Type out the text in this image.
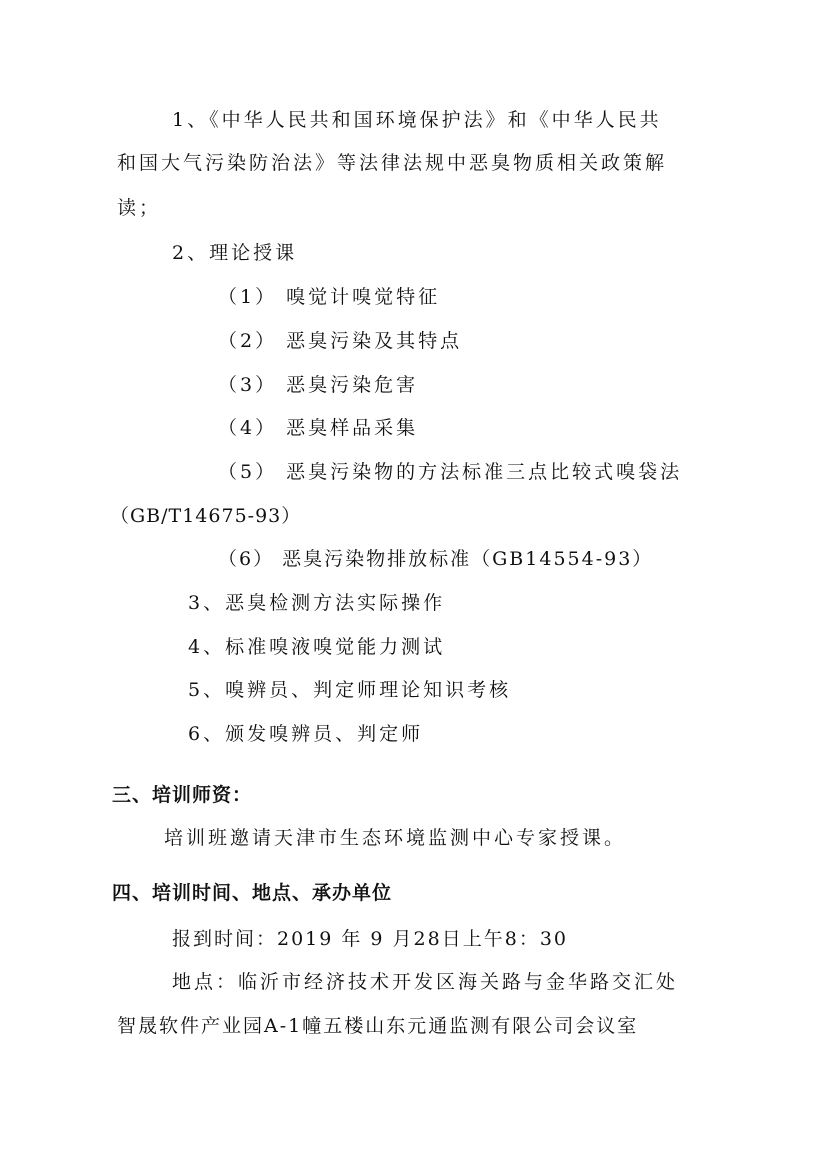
1、《中华人民共和国环境保护法》和《中华人民共
和国大气污染防治法》等法律法规中恶臭物质相关政策解
读；
2、理论授课
（1） 嗅觉计嗅觉特征
（2） 恶臭污染及其特点
（3） 恶臭污染危害
（4） 恶臭样品采集
（5） 恶臭污染物的方法标准三点比较式嗅袋法
（GB/T14675-93）
（6） 恶臭污染物排放标准（GB14554-93）
3、恶臭检测方法实际操作
4、标准嗅液嗅觉能力测试
5、嗅辨员、判定师理论知识考核
6、颁发嗅辨员、判定师
三、培训师资：
培训班邀请天津市生态环境监测中心专家授课。
四、培训时间、地点、承办单位
报到时间：2019 年 9 月28日上午8：30
地点：临沂市经济技术开发区海关路与金华路交汇处
智晟软件产业园A-1幢五楼山东元通监测有限公司会议室
